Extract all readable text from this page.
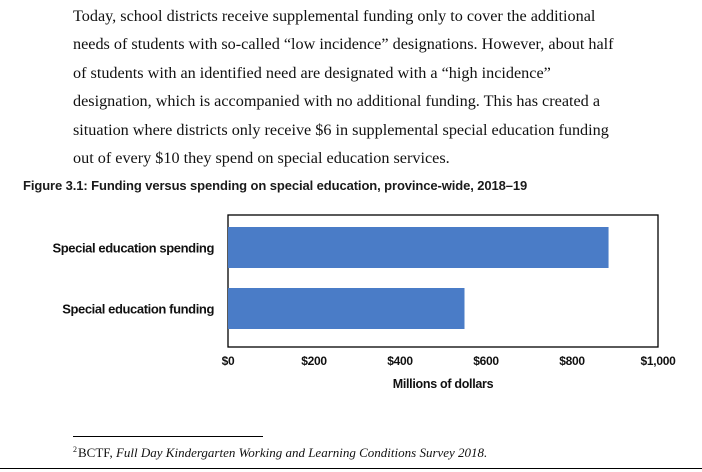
Today, school districts receive supplemental funding only to cover the additional

needs of students with so-called “low incidence” designations. However, about half

of students with an identified need are designated with a “high incidence”

designation, which is accompanied with no additional funding. This has created a

situation where districts only receive $6 in supplemental special education funding

out of every $10 they spend on special education services.

Figure 3.1: Funding versus spending on special education, province-wide, 2018–19
Special education spending
Special education funding
$0	$200	$400	$600	$800	$1,000
Millions of dollars
$^2$BCTF, Full Day Kindergarten Working and Learning Conditions Survey 2018.
